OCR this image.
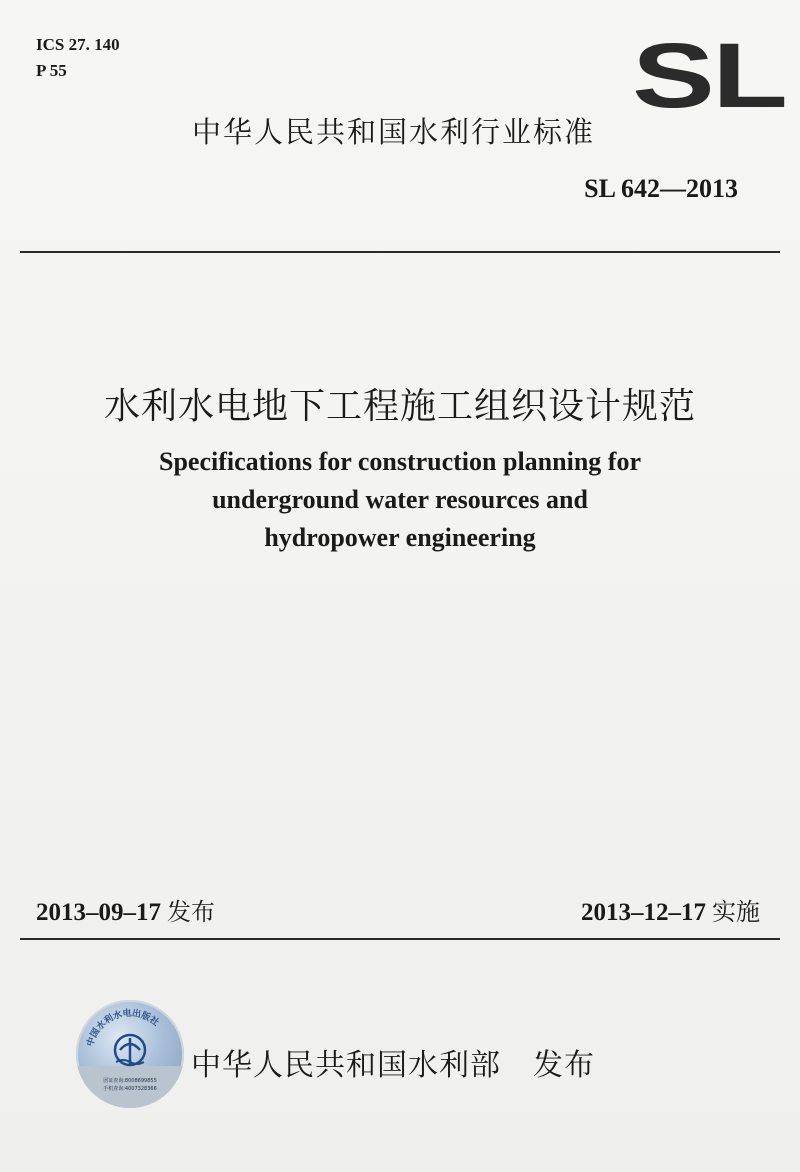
ICS 27. 140
P 55	SL
中华人民共和国水利行业标准
SL 642—2013
水利水电地下工程施工组织设计规范
Specifications for construction planning for
underground water resources and
hydropower engineering
2013–09–17 发布	2013–12–17 实施
中国水利水电出版社
团证查询:8008699855
手机查询:4007328366
中华人民共和国水利部 发布
